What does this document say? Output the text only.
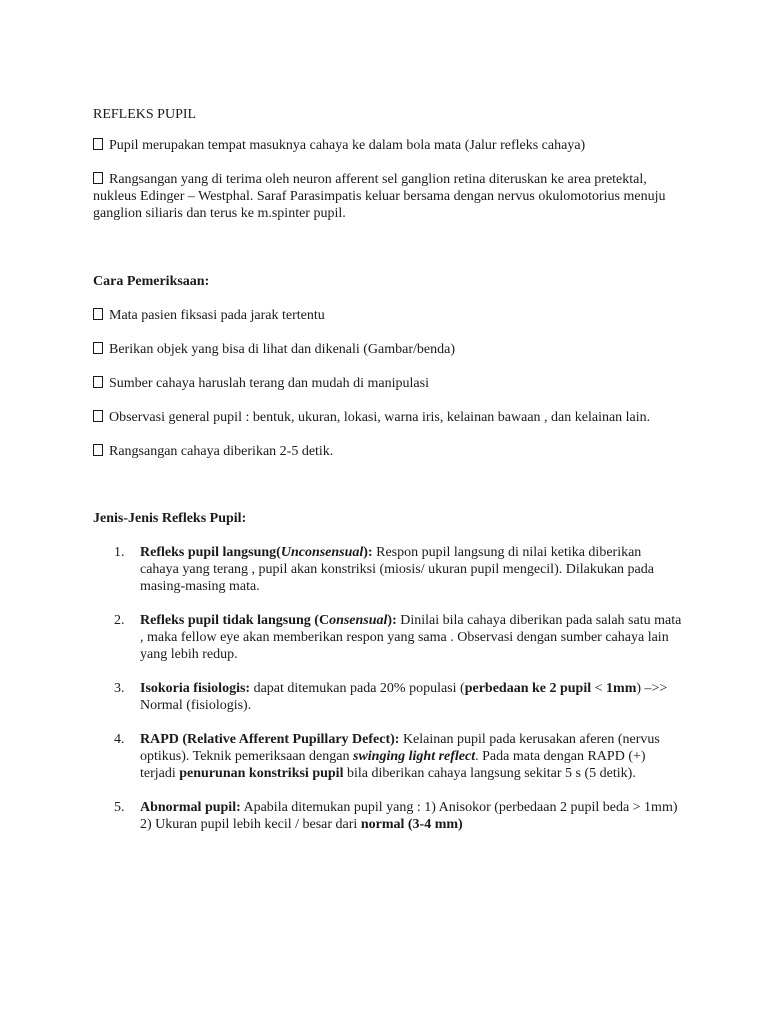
REFLEKS PUPIL

Pupil merupakan tempat masuknya cahaya ke dalam bola mata (Jalur refleks cahaya)

Rangsangan yang di terima oleh neuron afferent sel ganglion retina diteruskan ke area pretektal, nukleus Edinger – Westphal. Saraf Parasimpatis keluar bersama dengan nervus okulomotorius menuju ganglion siliaris dan terus ke m.spinter pupil.

Cara Pemeriksaan:

Mata pasien fiksasi pada jarak tertentu

Berikan objek yang bisa di lihat dan dikenali (Gambar/benda)

Sumber cahaya haruslah terang dan mudah di manipulasi

Observasi general pupil : bentuk, ukuran, lokasi, warna iris, kelainan bawaan , dan kelainan lain.

Rangsangan cahaya diberikan 2-5 detik.

Jenis-Jenis Refleks Pupil:

1. Refleks pupil langsung(Unconsensual): Respon pupil langsung di nilai ketika diberikan cahaya yang terang , pupil akan konstriksi (miosis/ ukuran pupil mengecil). Dilakukan pada masing-masing mata.
2. Refleks pupil tidak langsung (Consensual): Dinilai bila cahaya diberikan pada salah satu mata , maka fellow eye akan memberikan respon yang sama . Observasi dengan sumber cahaya lain yang lebih redup.
3. Isokoria fisiologis: dapat ditemukan pada 20% populasi (perbedaan ke 2 pupil < 1mm) –>> Normal (fisiologis).
4. RAPD (Relative Afferent Pupillary Defect): Kelainan pupil pada kerusakan aferen (nervus optikus). Teknik pemeriksaan dengan swinging light reflect. Pada mata dengan RAPD (+) terjadi penurunan konstriksi pupil bila diberikan cahaya langsung sekitar 5 s (5 detik).
5. Abnormal pupil: Apabila ditemukan pupil yang : 1) Anisokor (perbedaan 2 pupil beda > 1mm) 2) Ukuran pupil lebih kecil / besar dari normal (3-4 mm)
